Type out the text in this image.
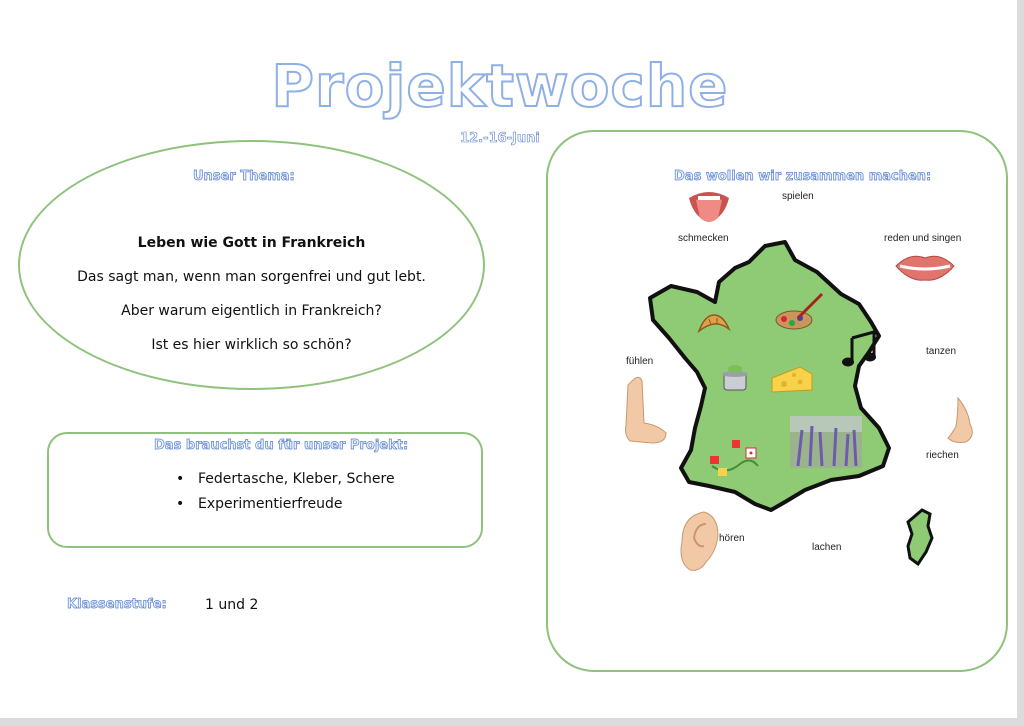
Projektwoche
12.-16-Juni
Unser Thema:
Leben wie Gott in Frankreich
Das sagt man, wenn man sorgenfrei und gut lebt.
Aber warum eigentlich in Frankreich?
Ist es hier wirklich so schön?
Das brauchst du für unser Projekt:
• Federtasche, Kleber, Schere
• Experimentierfreude
Klassenstufe:	1 und 2
Das wollen wir zusammen machen:
spielen
schmecken	reden und singen
fühlen
tanzen
riechen
hören
lachen
